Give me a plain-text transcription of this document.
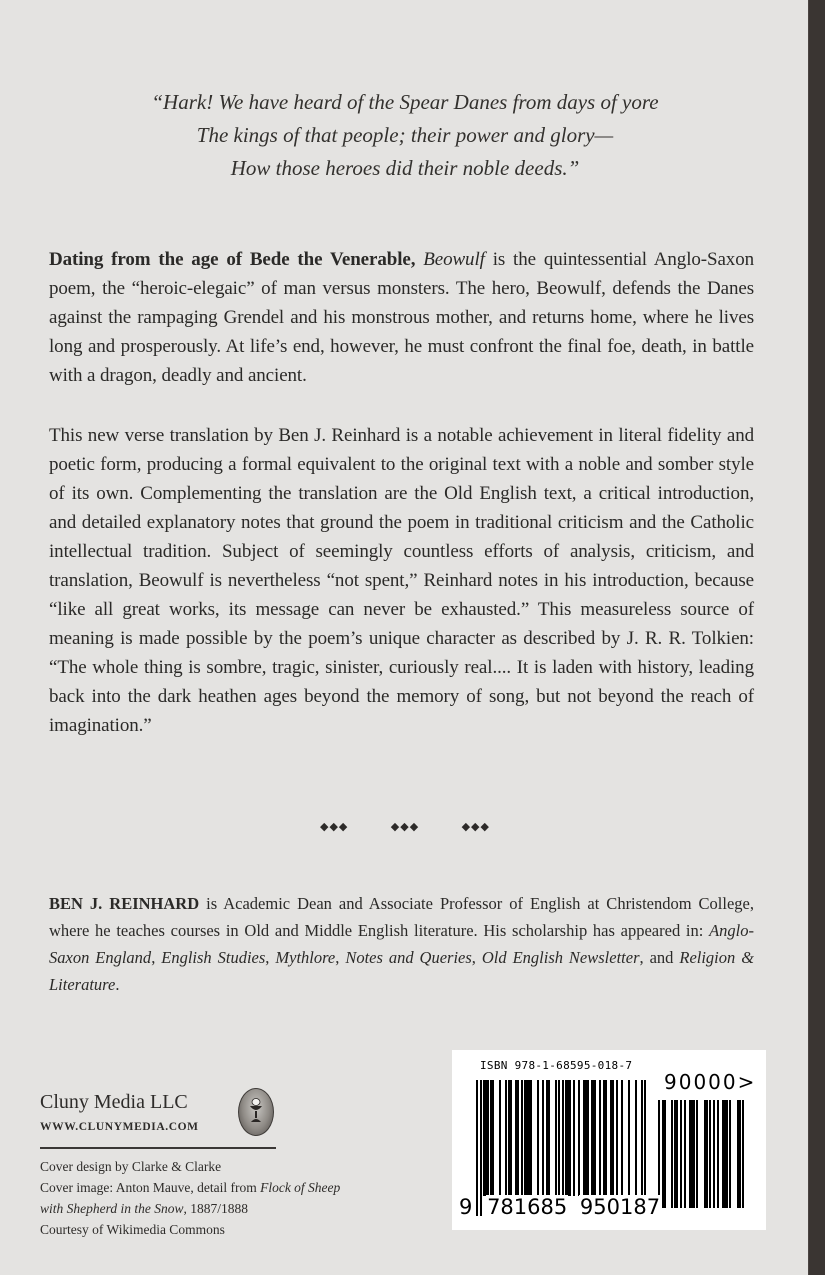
“Hark! We have heard of the Spear Danes from days of yore
The kings of that people; their power and glory—
How those heroes did their noble deeds.”
Dating from the age of Bede the Venerable, Beowulf is the quintessential Anglo-Saxon poem, the “heroic-elegaic” of man versus monsters. The hero, Beowulf, defends the Danes against the rampaging Grendel and his monstrous mother, and returns home, where he lives long and prosperously. At life’s end, however, he must confront the final foe, death, in battle with a dragon, deadly and ancient.
This new verse translation by Ben J. Reinhard is a notable achievement in literal fidelity and poetic form, producing a formal equivalent to the original text with a noble and somber style of its own. Complementing the translation are the Old English text, a critical introduction, and detailed explanatory notes that ground the poem in traditional criticism and the Catholic intellectual tradition. Subject of seemingly countless efforts of analysis, criticism, and translation, Beowulf is nevertheless “not spent,” Reinhard notes in his introduction, because “like all great works, its message can never be exhausted.” This measureless source of meaning is made possible by the poem’s unique character as described by J. R. R. Tolkien: “The whole thing is sombre, tragic, sinister, curiously real.... It is laden with history, leading back into the dark heathen ages beyond the memory of song, but not beyond the reach of imagination.”
◆◆◆	◆◆◆	◆◆◆
BEN J. REINHARD is Academic Dean and Associate Professor of English at Christendom College, where he teaches courses in Old and Middle English literature. His scholarship has appeared in: Anglo-Saxon England, English Studies, Mythlore, Notes and Queries, Old English Newsletter, and Religion & Literature.
Cluny Media LLC
WWW.CLUNYMEDIA.COM
Cover design by Clarke & Clarke
Cover image: Anton Mauve, detail from Flock of Sheep
with Shepherd in the Snow, 1887/1888
Courtesy of Wikimedia Commons
ISBN 978-1-68595-018-7
90000>
9 781685 950187
